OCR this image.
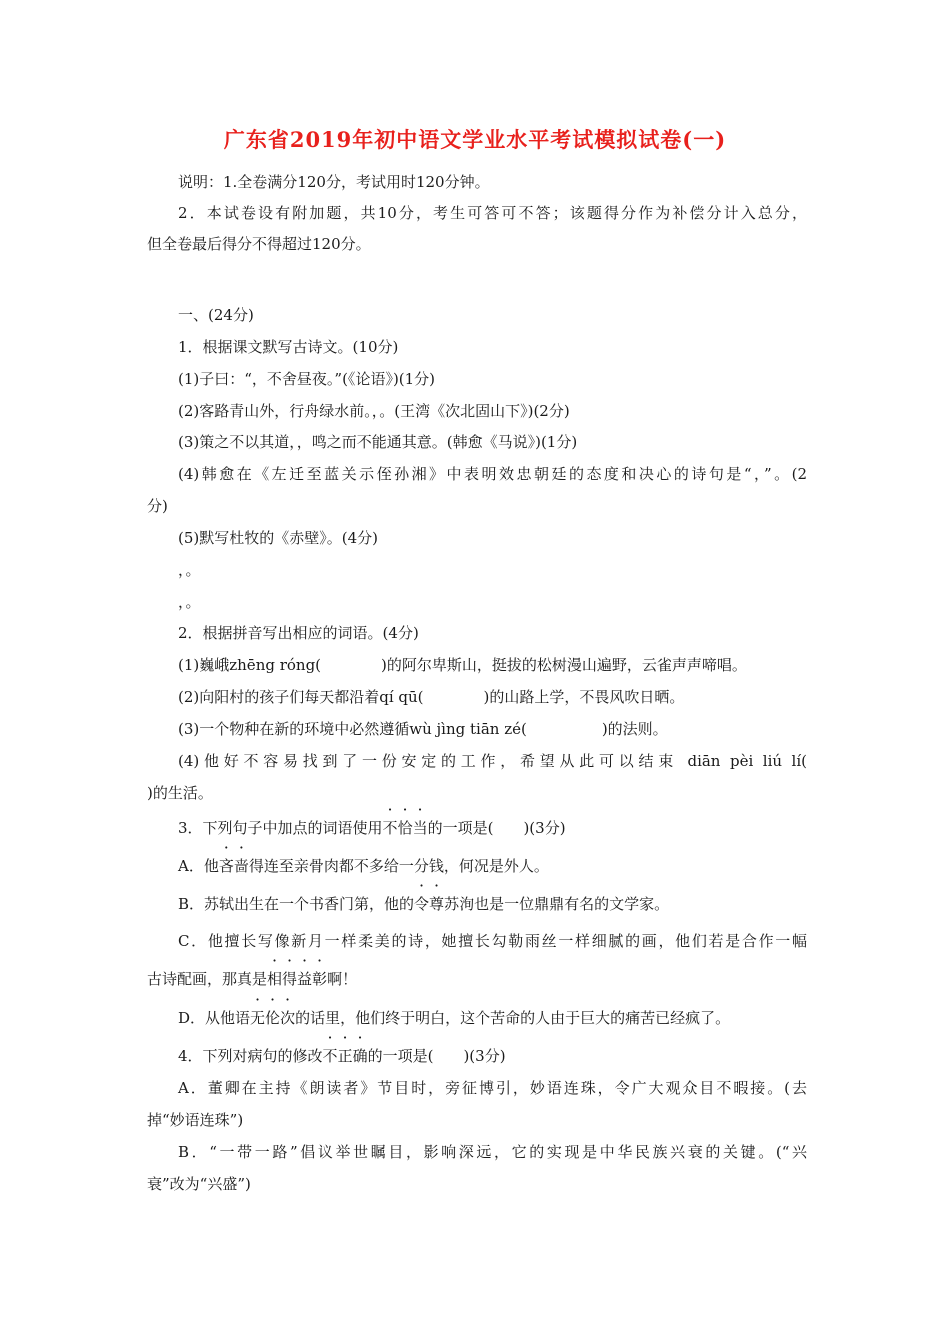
广东省2019年初中语文学业水平考试模拟试卷(一)
说明：1.全卷满分120分，考试用时120分钟。
2．本试卷设有附加题，共10分，考生可答可不答；该题得分作为补偿分计入总分，
但全卷最后得分不得超过120分。
一、(24分)
1．根据课文默写古诗文。(10分)
(1)子曰：“，不舍昼夜。”(《论语》)(1分)
(2)客路青山外，行舟绿水前。，。(王湾《次北固山下》)(2分)
(3)策之不以其道，，鸣之而不能通其意。(韩愈《马说》)(1分)
(4)韩愈在《左迁至蓝关示侄孙湘》中表明效忠朝廷的态度和决心的诗句是“，”。(2
分)
(5)默写杜牧的《赤壁》。(4分)
，。
，。
2．根据拼音写出相应的词语。(4分)
(1)巍峨zhēng róng(　　　　)的阿尔卑斯山，挺拔的松树漫山遍野，云雀声声啼唱。
(2)向阳村的孩子们每天都沿着qí qū(　　　　)的山路上学，不畏风吹日晒。
(3)一个物种在新的环境中必然遵循wù jìng tiān zé(　　　　　)的法则。
(4)他好不容易找到了一份安定的工作，希望从此可以结束 diān pèi liú lí(
)的生活。
3．下列句子中加点的词语使用不恰当的一项是(　　)(3分)
A．他吝啬得连至亲骨肉都不多给一分钱，何况是外人。
B．苏轼出生在一个书香门第，他的令尊苏洵也是一位鼎鼎有名的文学家。
C．他擅长写像新月一样柔美的诗，她擅长勾勒雨丝一样细腻的画，他们若是合作一幅
古诗配画，那真是相得益彰啊！
D．从他语无伦次的话里，他们终于明白，这个苦命的人由于巨大的痛苦已经疯了。
4．下列对病句的修改不正确的一项是(　　)(3分)
A．董卿在主持《朗读者》节目时，旁征博引，妙语连珠，令广大观众目不暇接。(去
掉“妙语连珠”)
B．“一带一路”倡议举世瞩目，影响深远，它的实现是中华民族兴衰的关键。(“兴
衰”改为“兴盛”)
